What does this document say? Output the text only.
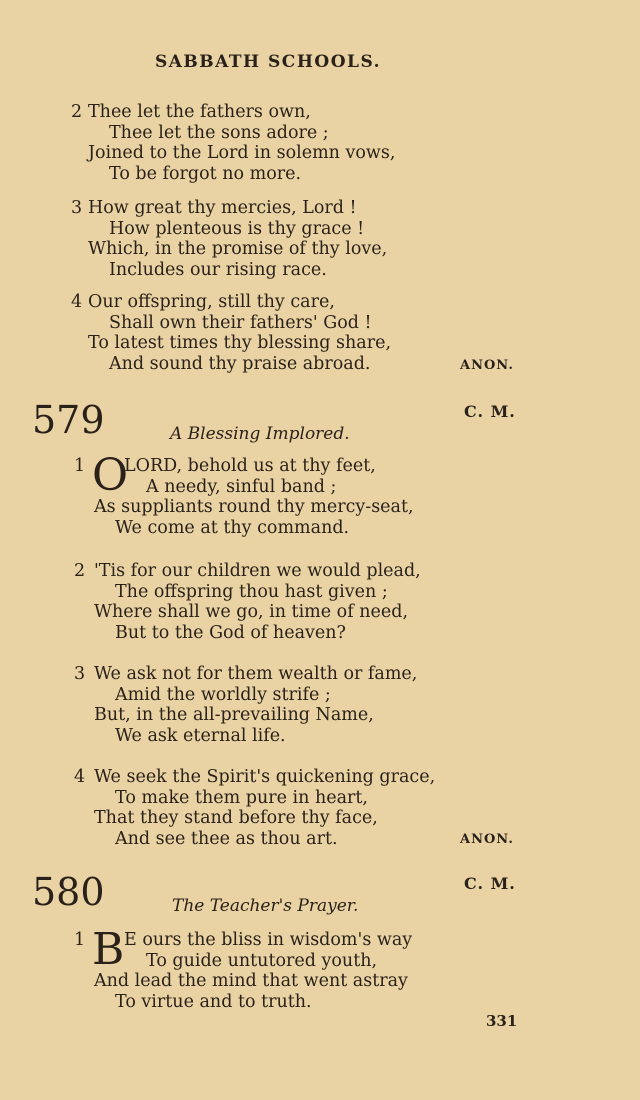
SABBATH SCHOOLS.
2 Thee let the fathers own,
Thee let the sons adore ;
Joined to the Lord in solemn vows,
To be forgot no more.
3 How great thy mercies, Lord !
How plenteous is thy grace !
Which, in the promise of thy love,
Includes our rising race.
4 Our offspring, still thy care,
Shall own their fathers' God !
To latest times thy blessing share,
And sound thy praise abroad.	ANON.
579	C. M.
A Blessing Implored.
1 O
LORD, behold us at thy feet,
A needy, sinful band ;
As suppliants round thy mercy-seat,
We come at thy command.
2 'Tis for our children we would plead,
The offspring thou hast given ;
Where shall we go, in time of need,
But to the God of heaven?
3 We ask not for them wealth or fame,
Amid the worldly strife ;
But, in the all-prevailing Name,
We ask eternal life.
4 We seek the Spirit's quickening grace,
To make them pure in heart,
That they stand before thy face,
And see thee as thou art.	ANON.
580	C. M.
The Teacher's Prayer.
1 B E ours the bliss in wisdom's way
To guide untutored youth,
And lead the mind that went astray
To virtue and to truth.
331
